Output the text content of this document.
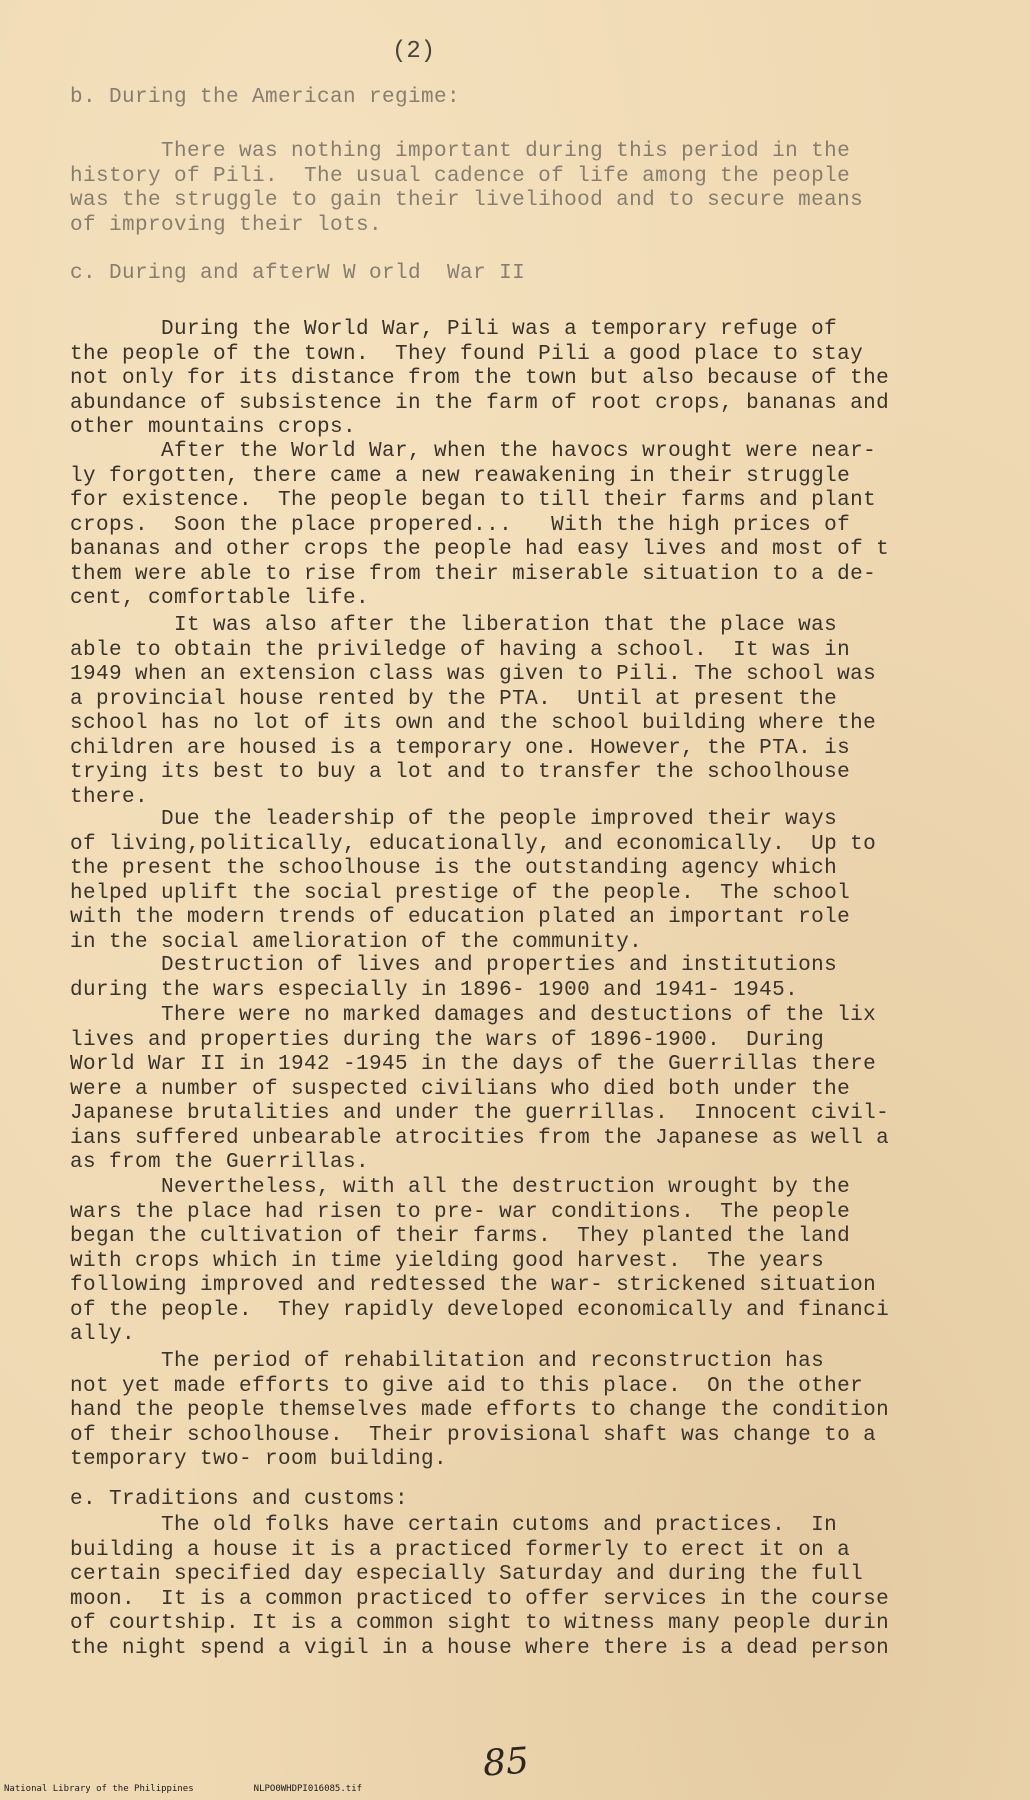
(2)
b. During the American regime:
There was nothing important during this period in the
history of Pili.  The usual cadence of life among the people
was the struggle to gain their livelihood and to secure means
of improving their lots.
c. During and afterW W orld  War II
During the World War, Pili was a temporary refuge of
the people of the town.  They found Pili a good place to stay
not only for its distance from the town but also because of the
abundance of subsistence in the farm of root crops, bananas and
other mountains crops.
After the World War, when the havocs wrought were near-
ly forgotten, there came a new reawakening in their struggle
for existence.  The people began to till their farms and plant
crops.  Soon the place propered...   With the high prices of
bananas and other crops the people had easy lives and most of t
them were able to rise from their miserable situation to a de-
cent, comfortable life.
It was also after the liberation that the place was
able to obtain the priviledge of having a school.  It was in
1949 when an extension class was given to Pili. The school was
a provincial house rented by the PTA.  Until at present the
school has no lot of its own and the school building where the
children are housed is a temporary one. However, the PTA. is
trying its best to buy a lot and to transfer the schoolhouse
there.
Due the leadership of the people improved their ways
of living,politically, educationally, and economically.  Up to
the present the schoolhouse is the outstanding agency which
helped uplift the social prestige of the people.  The school
with the modern trends of education plated an important role
in the social amelioration of the community.
Destruction of lives and properties and institutions
during the wars especially in 1896- 1900 and 1941- 1945.
There were no marked damages and destuctions of the lix
lives and properties during the wars of 1896-1900.  During
World War II in 1942 -1945 in the days of the Guerrillas there
were a number of suspected civilians who died both under the
Japanese brutalities and under the guerrillas.  Innocent civil-
ians suffered unbearable atrocities from the Japanese as well a
as from the Guerrillas.
Nevertheless, with all the destruction wrought by the
wars the place had risen to pre- war conditions.  The people
began the cultivation of their farms.  They planted the land
with crops which in time yielding good harvest.  The years
following improved and redtessed the war- strickened situation
of the people.  They rapidly developed economically and financi
ally.
The period of rehabilitation and reconstruction has
not yet made efforts to give aid to this place.  On the other
hand the people themselves made efforts to change the condition
of their schoolhouse.  Their provisional shaft was change to a
temporary two- room building.
e. Traditions and customs:
The old folks have certain cutoms and practices.  In
building a house it is a practiced formerly to erect it on a
certain specified day especially Saturday and during the full
moon.  It is a common practiced to offer services in the course
of courtship. It is a common sight to witness many people durin
the night spend a vigil in a house where there is a dead person
85
National Library of the Philippines	NLPO0WHDPI016085.tif
